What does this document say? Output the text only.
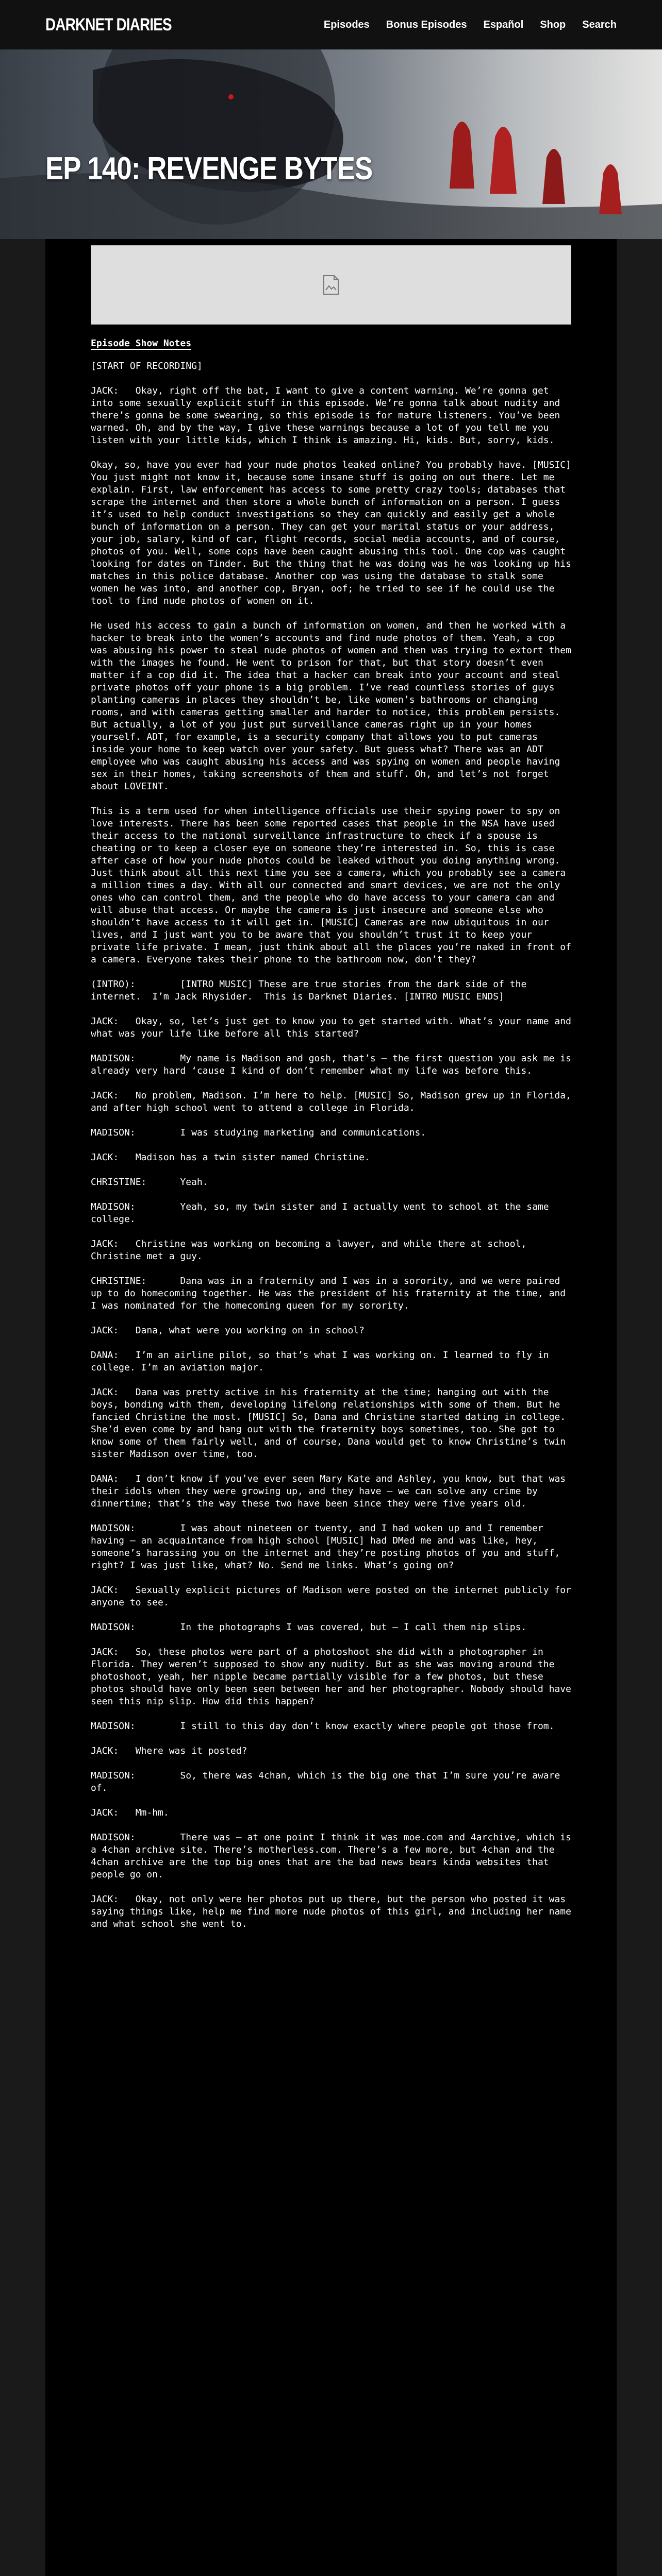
DARKNET DIARIES	Episodes Bonus Episodes Español Shop Search
EP 140: REVENGE BYTES
Episode Show Notes

[START OF RECORDING]

JACK:   Okay, right off the bat, I want to give a content warning. We’re gonna get into some sexually explicit stuff in this episode. We’re gonna talk about nudity and there’s gonna be some swearing, so this episode is for mature listeners. You’ve been warned. Oh, and by the way, I give these warnings because a lot of you tell me you listen with your little kids, which I think is amazing. Hi, kids. But, sorry, kids.

Okay, so, have you ever had your nude photos leaked online? You probably have. [MUSIC] You just might not know it, because some insane stuff is going on out there. Let me explain. First, law enforcement has access to some pretty crazy tools; databases that scrape the internet and then store a whole bunch of information on a person. I guess it’s used to help conduct investigations so they can quickly and easily get a whole bunch of information on a person. They can get your marital status or your address, your job, salary, kind of car, flight records, social media accounts, and of course, photos of you. Well, some cops have been caught abusing this tool. One cop was caught looking for dates on Tinder. But the thing that he was doing was he was looking up his matches in this police database. Another cop was using the database to stalk some women he was into, and another cop, Bryan, oof; he tried to see if he could use the tool to find nude photos of women on it.

He used his access to gain a bunch of information on women, and then he worked with a hacker to break into the women’s accounts and find nude photos of them. Yeah, a cop was abusing his power to steal nude photos of women and then was trying to extort them with the images he found. He went to prison for that, but that story doesn’t even matter if a cop did it. The idea that a hacker can break into your account and steal private photos off your phone is a big problem. I’ve read countless stories of guys planting cameras in places they shouldn’t be, like women’s bathrooms or changing rooms, and with cameras getting smaller and harder to notice, this problem persists. But actually, a lot of you just put surveillance cameras right up in your homes yourself. ADT, for example, is a security company that allows you to put cameras inside your home to keep watch over your safety. But guess what? There was an ADT employee who was caught abusing his access and was spying on women and people having sex in their homes, taking screenshots of them and stuff. Oh, and let’s not forget about LOVEINT.

This is a term used for when intelligence officials use their spying power to spy on love interests. There has been some reported cases that people in the NSA have used their access to the national surveillance infrastructure to check if a spouse is cheating or to keep a closer eye on someone they’re interested in. So, this is case after case of how your nude photos could be leaked without you doing anything wrong. Just think about all this next time you see a camera, which you probably see a camera a million times a day. With all our connected and smart devices, we are not the only ones who can control them, and the people who do have access to your camera can and will abuse that access. Or maybe the camera is just insecure and someone else who shouldn’t have access to it will get in. [MUSIC] Cameras are now ubiquitous in our lives, and I just want you to be aware that you shouldn’t trust it to keep your private life private. I mean, just think about all the places you’re naked in front of a camera. Everyone takes their phone to the bathroom now, don’t they?

(INTRO):        [INTRO MUSIC] These are true stories from the dark side of the internet.  I’m Jack Rhysider.  This is Darknet Diaries. [INTRO MUSIC ENDS]

JACK:   Okay, so, let’s just get to know you to get started with. What’s your name and what was your life like before all this started?

MADISON:        My name is Madison and gosh, that’s – the first question you ask me is already very hard ‘cause I kind of don’t remember what my life was before this.

JACK:   No problem, Madison. I’m here to help. [MUSIC] So, Madison grew up in Florida, and after high school went to attend a college in Florida.

MADISON:        I was studying marketing and communications.

JACK:   Madison has a twin sister named Christine.

CHRISTINE:      Yeah.

MADISON:        Yeah, so, my twin sister and I actually went to school at the same college.

JACK:   Christine was working on becoming a lawyer, and while there at school, Christine met a guy.

CHRISTINE:      Dana was in a fraternity and I was in a sorority, and we were paired up to do homecoming together. He was the president of his fraternity at the time, and I was nominated for the homecoming queen for my sorority.

JACK:   Dana, what were you working on in school?

DANA:   I’m an airline pilot, so that’s what I was working on. I learned to fly in college. I’m an aviation major.

JACK:   Dana was pretty active in his fraternity at the time; hanging out with the boys, bonding with them, developing lifelong relationships with some of them. But he fancied Christine the most. [MUSIC] So, Dana and Christine started dating in college. She’d even come by and hang out with the fraternity boys sometimes, too. She got to know some of them fairly well, and of course, Dana would get to know Christine’s twin sister Madison over time, too.

DANA:   I don’t know if you’ve ever seen Mary Kate and Ashley, you know, but that was their idols when they were growing up, and they have – we can solve any crime by dinnertime; that’s the way these two have been since they were five years old.

MADISON:        I was about nineteen or twenty, and I had woken up and I remember having – an acquaintance from high school [MUSIC] had DMed me and was like, hey, someone’s harassing you on the internet and they’re posting photos of you and stuff, right? I was just like, what? No. Send me links. What’s going on?

JACK:   Sexually explicit pictures of Madison were posted on the internet publicly for anyone to see.

MADISON:        In the photographs I was covered, but – I call them nip slips.

JACK:   So, these photos were part of a photoshoot she did with a photographer in Florida. They weren’t supposed to show any nudity. But as she was moving around the photoshoot, yeah, her nipple became partially visible for a few photos, but these photos should have only been seen between her and her photographer. Nobody should have seen this nip slip. How did this happen?

MADISON:        I still to this day don’t know exactly where people got those from.

JACK:   Where was it posted?

MADISON:        So, there was 4chan, which is the big one that I’m sure you’re aware of.

JACK:   Mm-hm.

MADISON:        There was – at one point I think it was moe.com and 4archive, which is a 4chan archive site. There’s motherless.com. There’s a few more, but 4chan and the 4chan archive are the top big ones that are the bad news bears kinda websites that people go on.

JACK:   Okay, not only were her photos put up there, but the person who posted it was saying things like, help me find more nude photos of this girl, and including her name and what school she went to.
